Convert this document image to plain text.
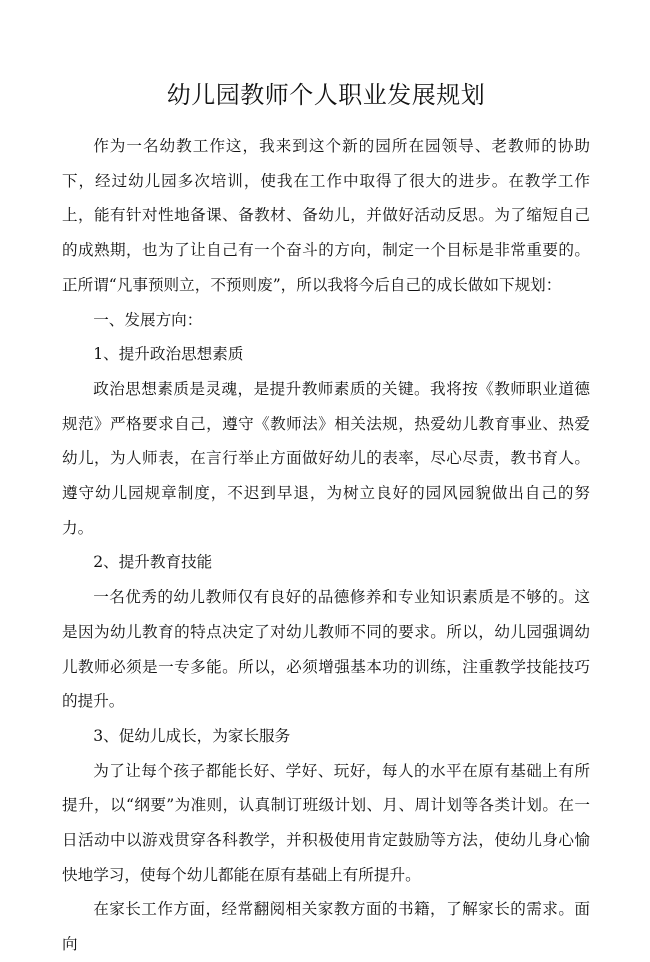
幼儿园教师个人职业发展规划

作为一名幼教工作这，我来到这个新的园所在园领导、老教师的协助下，经过幼儿园多次培训，使我在工作中取得了很大的进步。在教学工作上，能有针对性地备课、备教材、备幼儿，并做好活动反思。为了缩短自己的成熟期，也为了让自己有一个奋斗的方向，制定一个目标是非常重要的。正所谓“凡事预则立，不预则废”，所以我将今后自己的成长做如下规划：

一、发展方向：

1、提升政治思想素质

政治思想素质是灵魂，是提升教师素质的关键。我将按《教师职业道德规范》严格要求自己，遵守《教师法》相关法规，热爱幼儿教育事业、热爱幼儿，为人师表，在言行举止方面做好幼儿的表率，尽心尽责，教书育人。遵守幼儿园规章制度，不迟到早退，为树立良好的园风园貌做出自己的努力。

2、提升教育技能

一名优秀的幼儿教师仅有良好的品德修养和专业知识素质是不够的。这是因为幼儿教育的特点决定了对幼儿教师不同的要求。所以，幼儿园强调幼儿教师必须是一专多能。所以，必须增强基本功的训练，注重教学技能技巧的提升。

3、促幼儿成长，为家长服务

为了让每个孩子都能长好、学好、玩好，每人的水平在原有基础上有所提升，以“纲要”为准则，认真制订班级计划、月、周计划等各类计划。在一日活动中以游戏贯穿各科教学，并积极使用肯定鼓励等方法，使幼儿身心愉快地学习，使每个幼儿都能在原有基础上有所提升。

在家长工作方面，经常翻阅相关家教方面的书籍，了解家长的需求。面向
